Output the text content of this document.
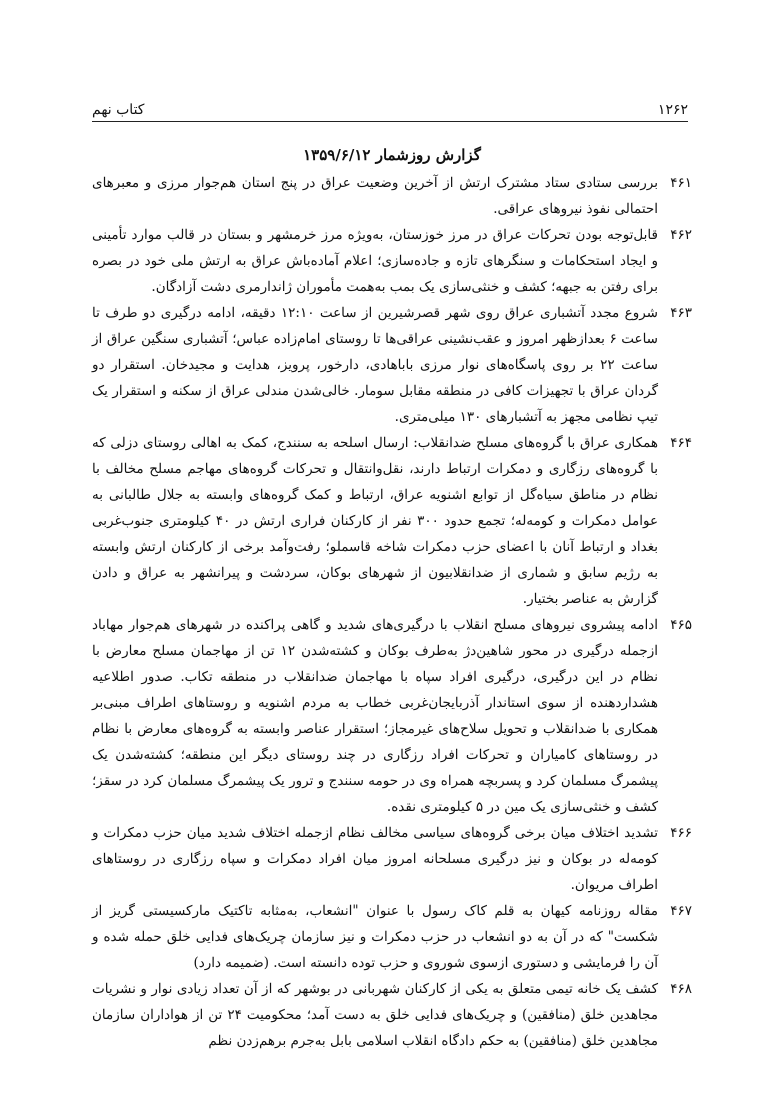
۱۲۶۲
کتاب نهم
گزارش روزشمار ۱۳۵۹/۶/۱۲
۴۶۱
بررسی ستادی ستاد مشترک ارتش از آخرین وضعیت عراق در پنج استان هم‌جوار مرزی و معبرهای احتمالی نفوذ نیروهای عراقی.
۴۶۲
قابل‌توجه بودن تحرکات عراق در مرز خوزستان، به‌ویژه مرز خرمشهر و بستان در قالب موارد تأمینی و ایجاد استحکامات و سنگرهای تازه و جاده‌سازی؛ اعلام آماده‌باش عراق به ارتش ملی خود در بصره برای رفتن به جبهه؛ کشف و خنثی‌سازی یک بمب به‌همت مأموران ژاندارمری دشت آزادگان.
۴۶۳
شروع مجدد آتشباری عراق روی شهر قصرشیرین از ساعت ۱۲:۱۰ دقیقه، ادامه درگیری دو طرف تا ساعت ۶ بعدازظهر امروز و عقب‌نشینی عراقی‌ها تا روستای امام‌زاده عباس؛ آتشباری سنگین عراق از ساعت ۲۲ بر روی پاسگاه‌های نوار مرزی باباهادی، دارخور، پرویز، هدایت و مجیدخان. استقرار دو گردان عراق با تجهیزات کافی در منطقه مقابل سومار. خالی‌شدن مندلی عراق از سکنه و استقرار یک تیپ نظامی مجهز به آتشبارهای ۱۳۰ میلی‌متری.
۴۶۴
همکاری عراق با گروه‌های مسلح ضدانقلاب: ارسال اسلحه به سنندج، کمک به اهالی روستای دزلی که با گروه‌های رزگاری و دمکرات ارتباط دارند، نقل‌وانتقال و تحرکات گروه‌های مهاجم مسلح مخالف با نظام در مناطق سیاه‌گل از توابع اشنویه عراق، ارتباط و کمک گروه‌های وابسته به جلال طالبانی به عوامل دمکرات و کومه‌له؛ تجمع حدود ۳۰۰ نفر از کارکنان فراری ارتش در ۴۰ کیلومتری جنوب‌غربی بغداد و ارتباط آنان با اعضای حزب دمکرات شاخه قاسملو؛ رفت‌وآمد برخی از کارکنان ارتش وابسته به رژیم سابق و شماری از ضدانقلابیون از شهرهای بوکان، سردشت و پیرانشهر به عراق و دادن گزارش به عناصر بختیار.
۴۶۵
ادامه پیشروی نیروهای مسلح انقلاب با درگیری‌های شدید و گاهی پراکنده در شهرهای هم‌جوار مهاباد ازجمله درگیری در محور شاهین‌دژ به‌طرف بوکان و کشته‌شدن ۱۲ تن از مهاجمان مسلح معارض با نظام در این درگیری، درگیری افراد سپاه با مهاجمان ضدانقلاب در منطقه تکاب. صدور اطلاعیه هشداردهنده از سوی استاندار آذربایجان‌غربی خطاب به مردم اشنویه و روستاهای اطراف مبنی‌بر همکاری با ضدانقلاب و تحویل سلاح‌های غیرمجاز؛ استقرار عناصر وابسته به گروه‌های معارض با نظام در روستاهای کامیاران و تحرکات افراد رزگاری در چند روستای دیگر این منطقه؛ کشته‌شدن یک پیشمرگ مسلمان کرد و پسربچه همراه وی در حومه سنندج و ترور یک پیشمرگ مسلمان کرد در سقز؛ کشف و خنثی‌سازی یک مین در ۵ کیلومتری نقده.
۴۶۶
تشدید اختلاف میان برخی گروه‌های سیاسی مخالف نظام ازجمله اختلاف شدید میان حزب دمکرات و کومه‌له در بوکان و نیز درگیری مسلحانه امروز میان افراد دمکرات و سپاه رزگاری در روستاهای اطراف مریوان.
۴۶۷
مقاله روزنامه کیهان به قلم کاک رسول با عنوان "انشعاب، به‌مثابه تاکتیک مارکسیستی گریز از شکست" که در آن به دو انشعاب در حزب دمکرات و نیز سازمان چریک‌های فدایی خلق حمله شده و آن را فرمایشی و دستوری ازسوی شوروی و حزب توده دانسته است. (ضمیمه دارد)
۴۶۸
کشف یک خانه تیمی متعلق به یکی از کارکنان شهربانی در بوشهر که از آن تعداد زیادی نوار و نشریات مجاهدین خلق (منافقین) و چریک‌های فدایی خلق به دست آمد؛ محکومیت ۲۴ تن از هواداران سازمان مجاهدین خلق (منافقین) به حکم دادگاه انقلاب اسلامی بابل به‌جرم برهم‌زدن نظم
